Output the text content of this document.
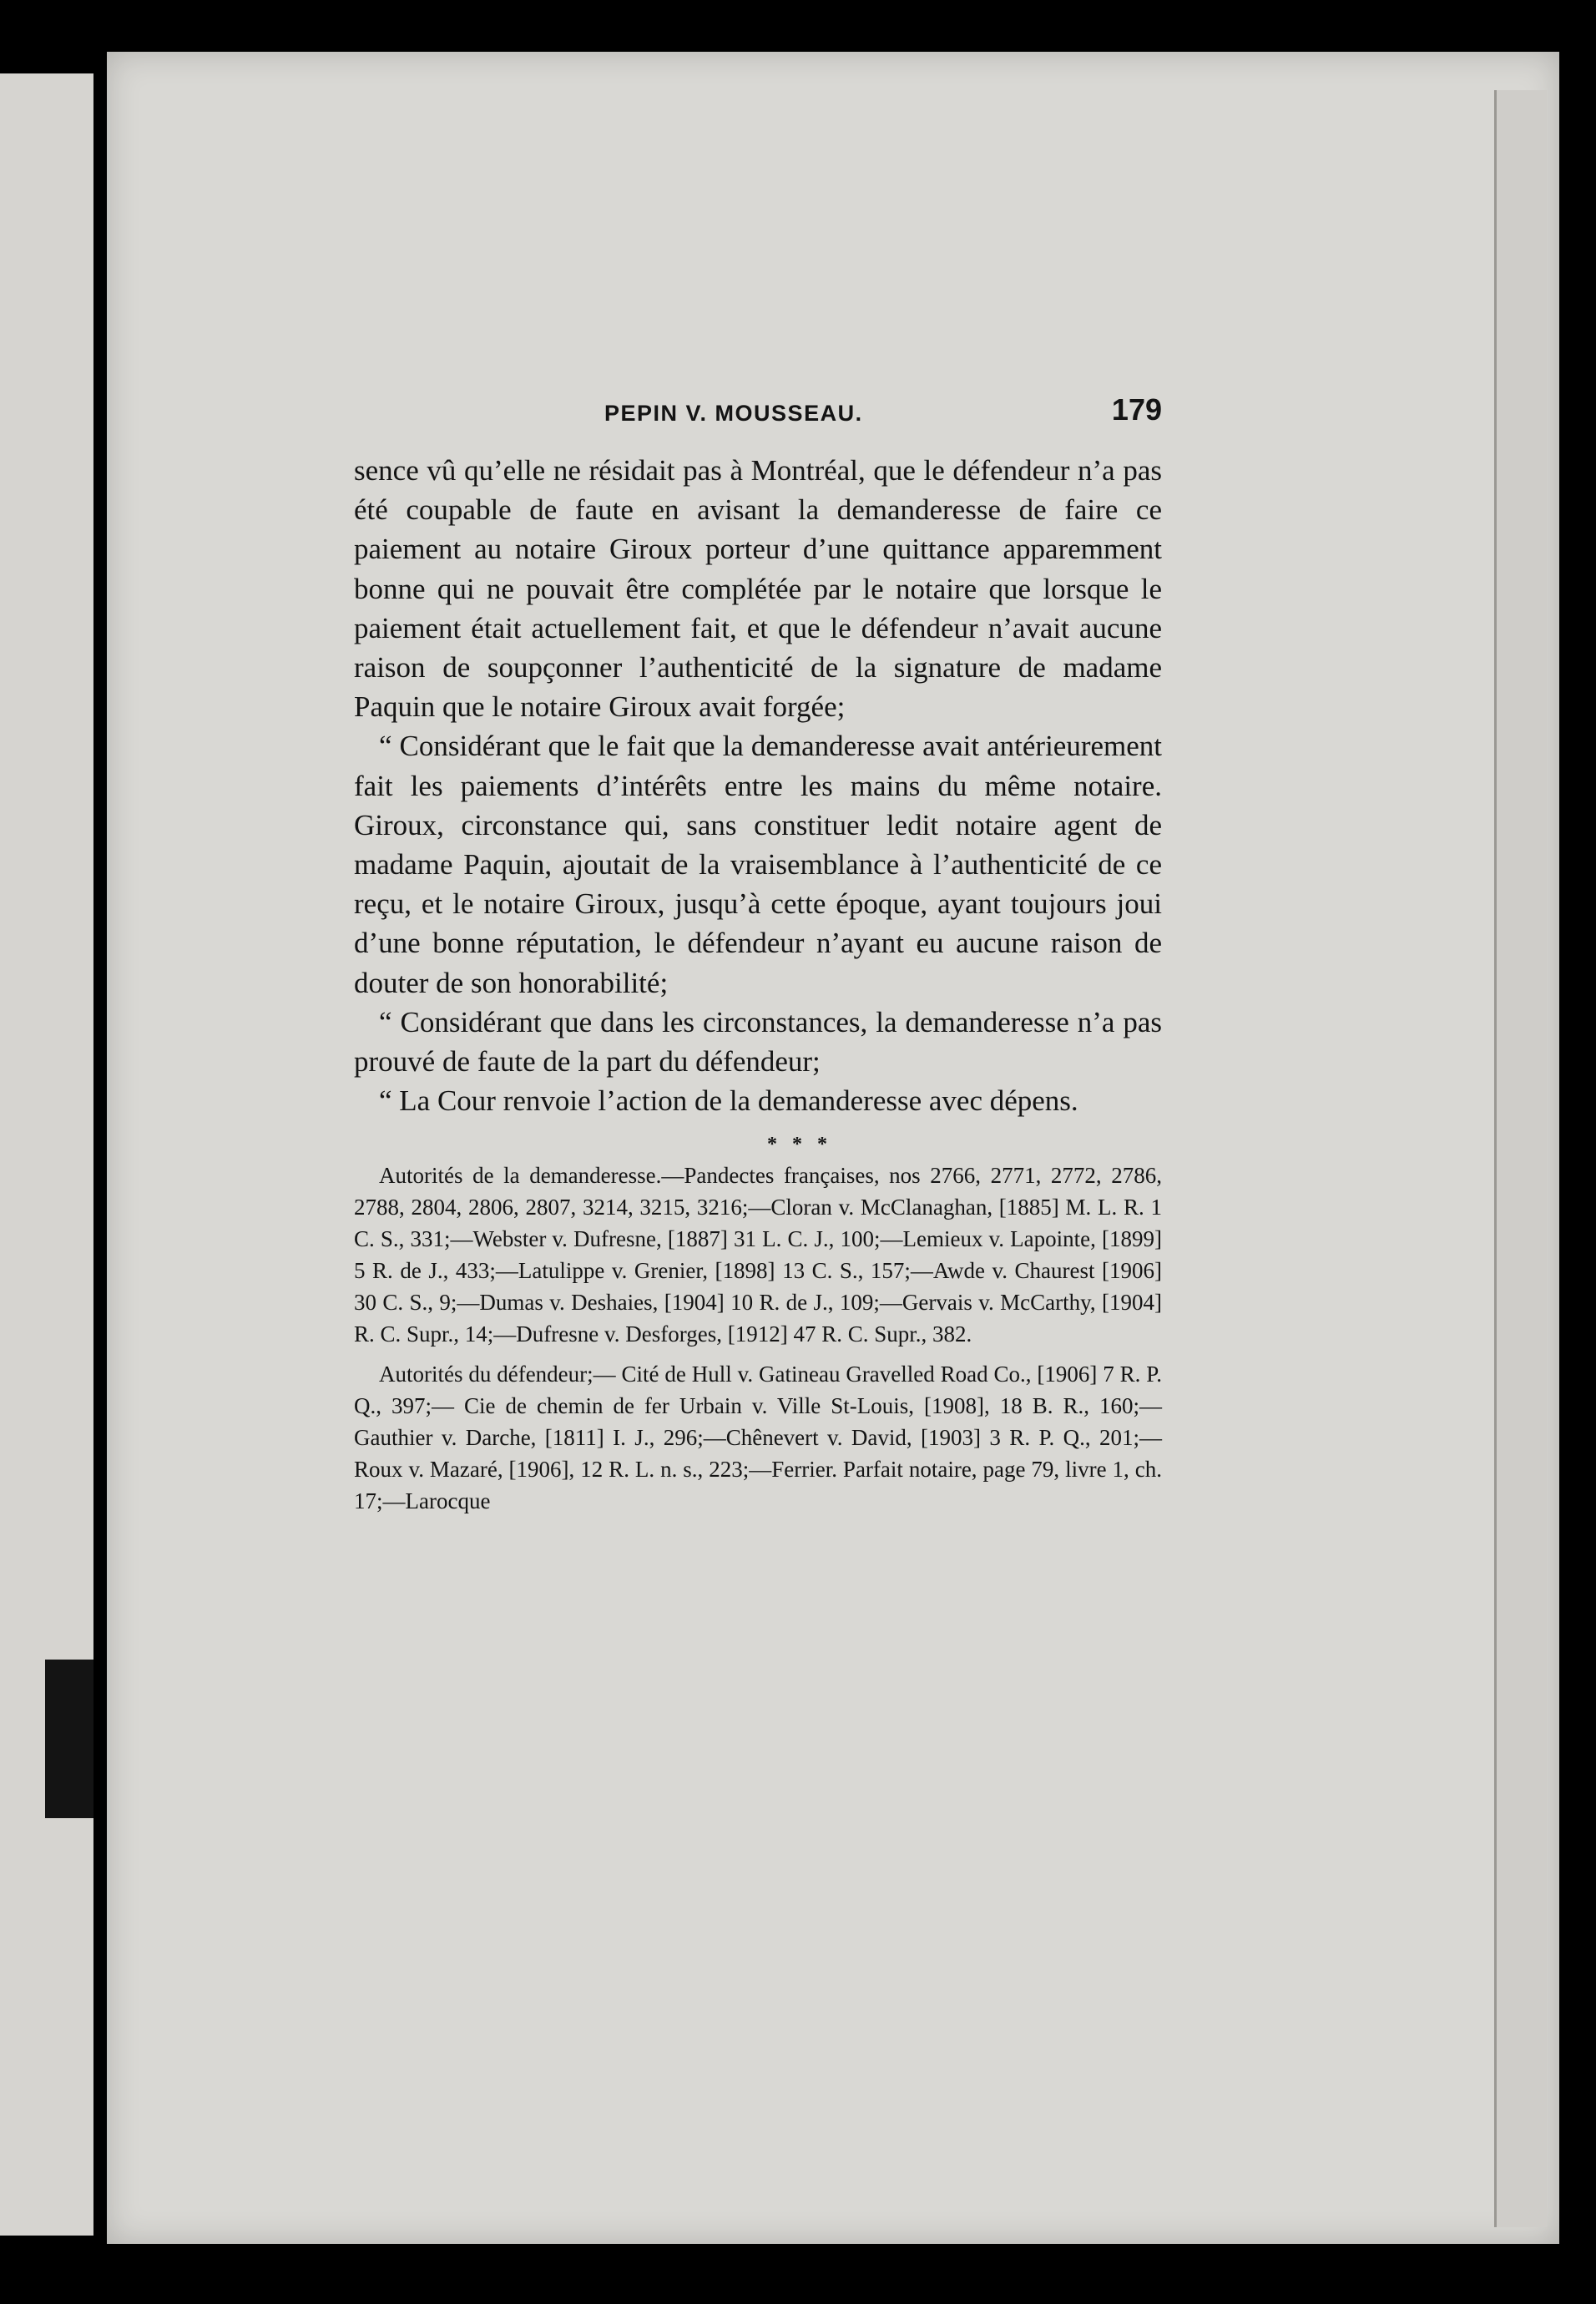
PEPIN V. MOUSSEAU.	179

sence vû qu’elle ne résidait pas à Montréal, que le défendeur n’a pas été coupable de faute en avisant la demanderesse de faire ce paiement au notaire Giroux porteur d’une quittance apparemment bonne qui ne pouvait être complétée par le notaire que lorsque le paiement était actuellement fait, et que le défendeur n’avait aucune raison de soupçonner l’authenticité de la signature de madame Paquin que le notaire Giroux avait forgée;

“ Considérant que le fait que la demanderesse avait antérieurement fait les paiements d’intérêts entre les mains du même notaire. Giroux, circonstance qui, sans constituer ledit notaire agent de madame Paquin, ajoutait de la vraisemblance à l’authenticité de ce reçu, et le notaire Giroux, jusqu’à cette époque, ayant toujours joui d’une bonne réputation, le défendeur n’ayant eu aucune raison de douter de son honorabilité;

“ Considérant que dans les circonstances, la demanderesse n’a pas prouvé de faute de la part du défendeur;

“ La Cour renvoie l’action de la demanderesse avec dépens.

* * *

Autorités de la demanderesse.—Pandectes françaises, nos 2766, 2771, 2772, 2786, 2788, 2804, 2806, 2807, 3214, 3215, 3216;—Cloran v. McClanaghan, [1885] M. L. R. 1 C. S., 331;—Webster v. Dufresne, [1887] 31 L. C. J., 100;—Lemieux v. Lapointe, [1899] 5 R. de J., 433;—Latulippe v. Grenier, [1898] 13 C. S., 157;—Awde v. Chaurest [1906] 30 C. S., 9;—Dumas v. Deshaies, [1904] 10 R. de J., 109;—Gervais v. McCarthy, [1904] R. C. Supr., 14;—Dufresne v. Desforges, [1912] 47 R. C. Supr., 382.

Autorités du défendeur;— Cité de Hull v. Gatineau Gravelled Road Co., [1906] 7 R. P. Q., 397;— Cie de chemin de fer Urbain v. Ville St-Louis, [1908], 18 B. R., 160;—Gauthier v. Darche, [1811] I. J., 296;—Chênevert v. David, [1903] 3 R. P. Q., 201;—Roux v. Mazaré, [1906], 12 R. L. n. s., 223;—Ferrier. Parfait notaire, page 79, livre 1, ch. 17;—Larocque
